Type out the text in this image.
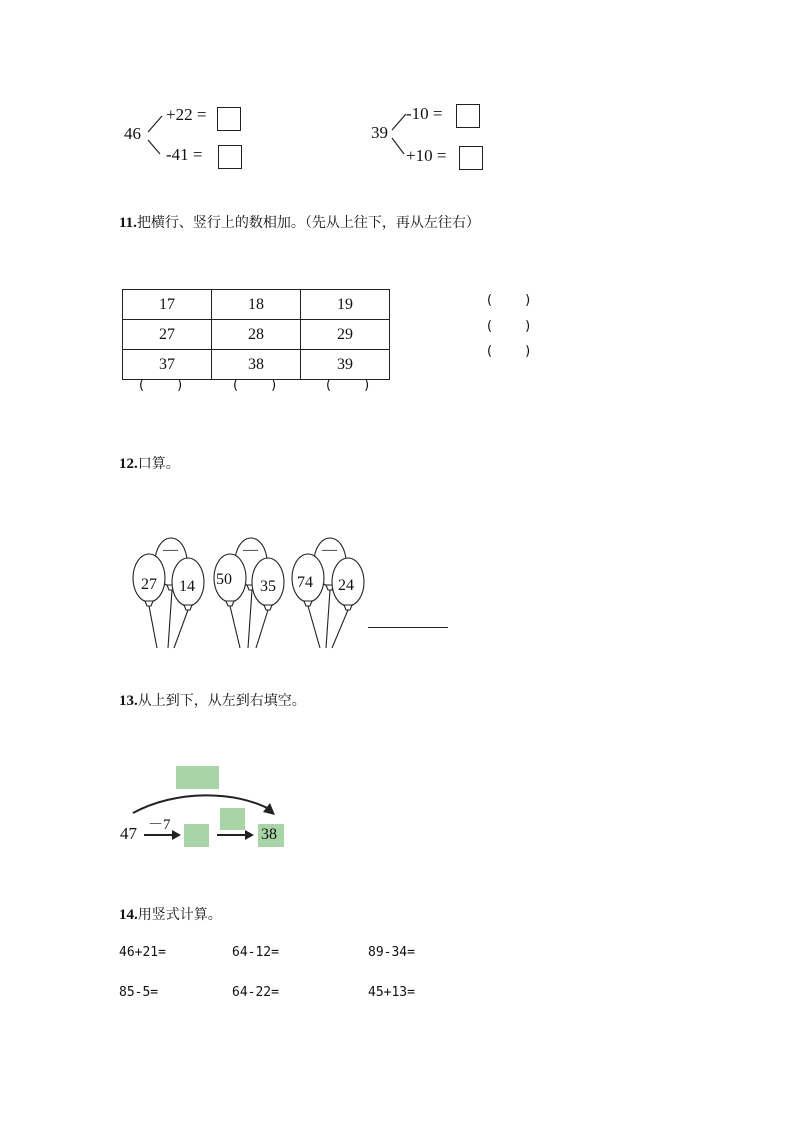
46
+22 =
-41 =
39
-10 =
+10 =
11.把横行、竖行上的数相加。（先从上往下，再从左往右）
17	18	19
27	28	29
37	38	39
(        )	(        )	(        )
(        )
(        )
(        )
12.口算。
—
27 14
—
50 35
—
74 24
13.从上到下，从左到右填空。
47 －7
38
14.用竖式计算。
46+21=	64-12=	89-34=
85-5=	64-22=	45+13=
